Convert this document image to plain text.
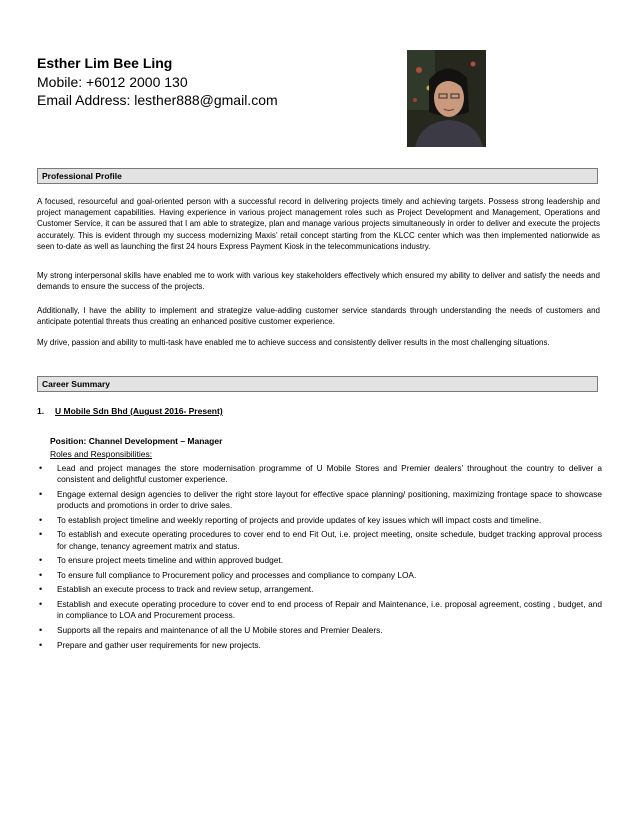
Esther Lim Bee Ling

Mobile: +6012 2000 130

Email Address: lesther888@gmail.com

Professional Profile

A focused, resourceful and goal-oriented person with a successful record in delivering projects timely and achieving targets. Possess strong leadership and project management capabilities. Having experience in various project management roles such as Project Development and Management, Operations and Customer Service, it can be assured that I am able to strategize, plan and manage various projects simultaneously in order to deliver and execute the projects accurately. This is evident through my success modernizing Maxis’ retail concept starting from the KLCC center which was then implemented nationwide as seen to-date as well as launching the first 24 hours Express Payment Kiosk in the telecommunications industry.

My strong interpersonal skills have enabled me to work with various key stakeholders effectively which ensured my ability to deliver and satisfy the needs and demands to ensure the success of the projects.

Additionally, I have the ability to implement and strategize value-adding customer service standards through understanding the needs of customers and anticipate potential threats thus creating an enhanced positive customer experience.

My drive, passion and ability to multi-task have enabled me to achieve success and consistently deliver results in the most challenging situations.

Career Summary

1. U Mobile Sdn Bhd (August 2016- Present)

Position: Channel Development – Manager

Roles and Responsibilities:

• Lead and project manages the store modernisation programme of U Mobile Stores and Premier dealers’ throughout the country to deliver a consistent and delightful customer experience.
• Engage external design agencies to deliver the right store layout for effective space planning/ positioning, maximizing frontage space to showcase products and promotions in order to drive sales.
• To establish project timeline and weekly reporting of projects and provide updates of key issues which will impact costs and timeline.
• To establish and execute operating procedures to cover end to end Fit Out, i.e. project meeting, onsite schedule, budget tracking approval process for change, tenancy agreement matrix and status.
• To ensure project meets timeline and within approved budget.
• To ensure full compliance to Procurement policy and processes and compliance to company LOA.
• Establish an execute process to track and review setup, arrangement.
• Establish and execute operating procedure to cover end to end process of Repair and Maintenance, i.e. proposal agreement, costing , budget, and in compliance to LOA and Procurement process.
• Supports all the repairs and maintenance of all the U Mobile stores and Premier Dealers.
• Prepare and gather user requirements for new projects.
